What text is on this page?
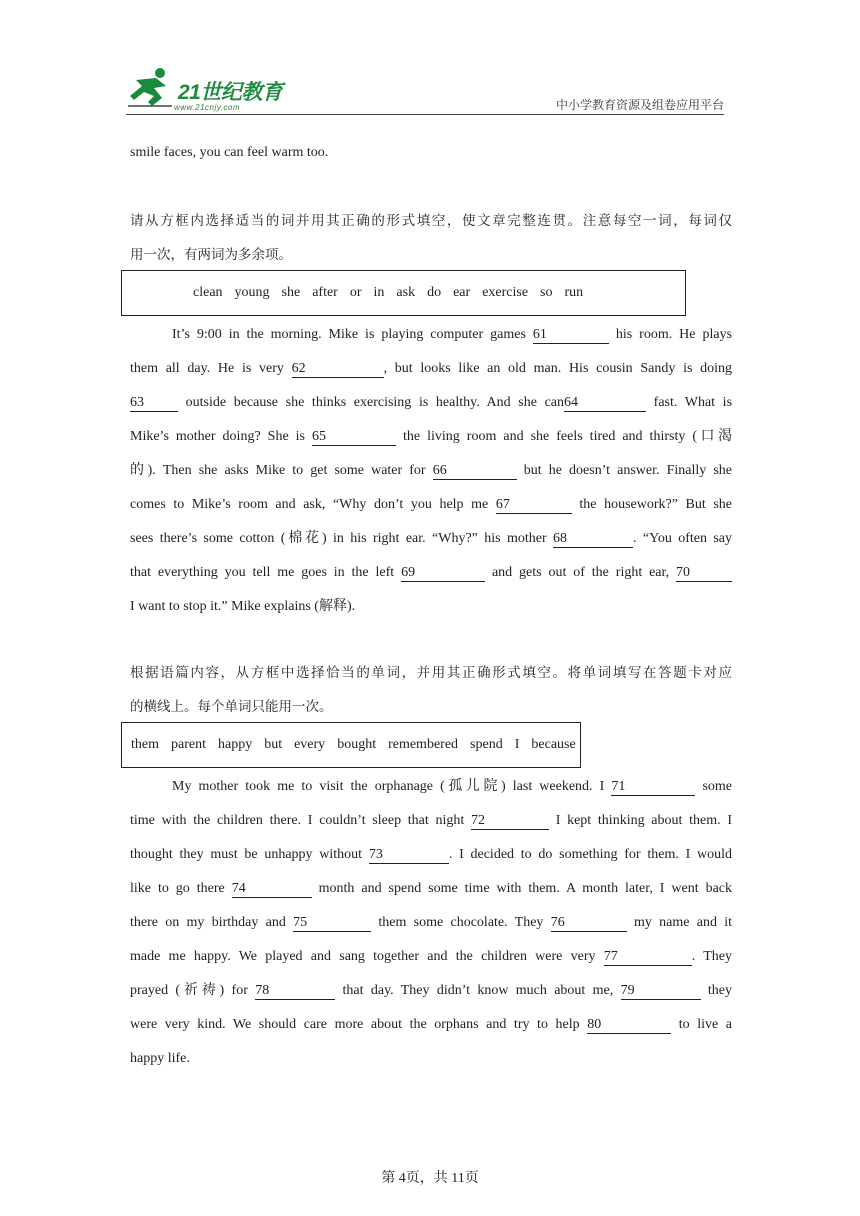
21世纪教育
www.21cnjy.com	中小学教育资源及组卷应用平台

smile faces, you can feel warm too.

请从方框内选择适当的词并用其正确的形式填空，使文章完整连贯。注意每空一词，每词仅

用一次，有两词为多余项。

clean young she after or in ask do ear exercise so run

It’s 9:00 in the morning. Mike is playing computer games 61	his room. He plays

them all day. He is very 62	, but looks like an old man. His cousin Sandy is doing

63	outside because she thinks exercising is healthy. And she can64	fast. What is

Mike’s mother doing? She is 65	the living room and she feels tired and thirsty (口渴

的). Then she asks Mike to get some water for 66	but he doesn’t answer. Finally she

comes to Mike’s room and ask, “Why don’t you help me 67	the housework?” But she

sees there’s some cotton (棉花) in his right ear. “Why?” his mother 68	. “You often say

that everything you tell me goes in the left 69	and gets out of the right ear, 70

I want to stop it.” Mike explains (解释).

根据语篇内容，从方框中选择恰当的单词，并用其正确形式填空。将单词填写在答题卡对应

的横线上。每个单词只能用一次。

them parent happy but every bought remembered spend I because

My mother took me to visit the orphanage (孤儿院) last weekend. I 71	some

time with the children there. I couldn’t sleep that night 72	I kept thinking about them. I

thought they must be unhappy without 73	. I decided to do something for them. I would

like to go there 74	month and spend some time with them. A month later, I went back

there on my birthday and 75	them some chocolate. They 76	my name and it

made me happy. We played and sang together and the children were very 77	. They

prayed (祈祷) for 78	that day. They didn’t know much about me, 79	they

were very kind. We should care more about the orphans and try to help 80	to live a

happy life.

第 4页，共 11页
